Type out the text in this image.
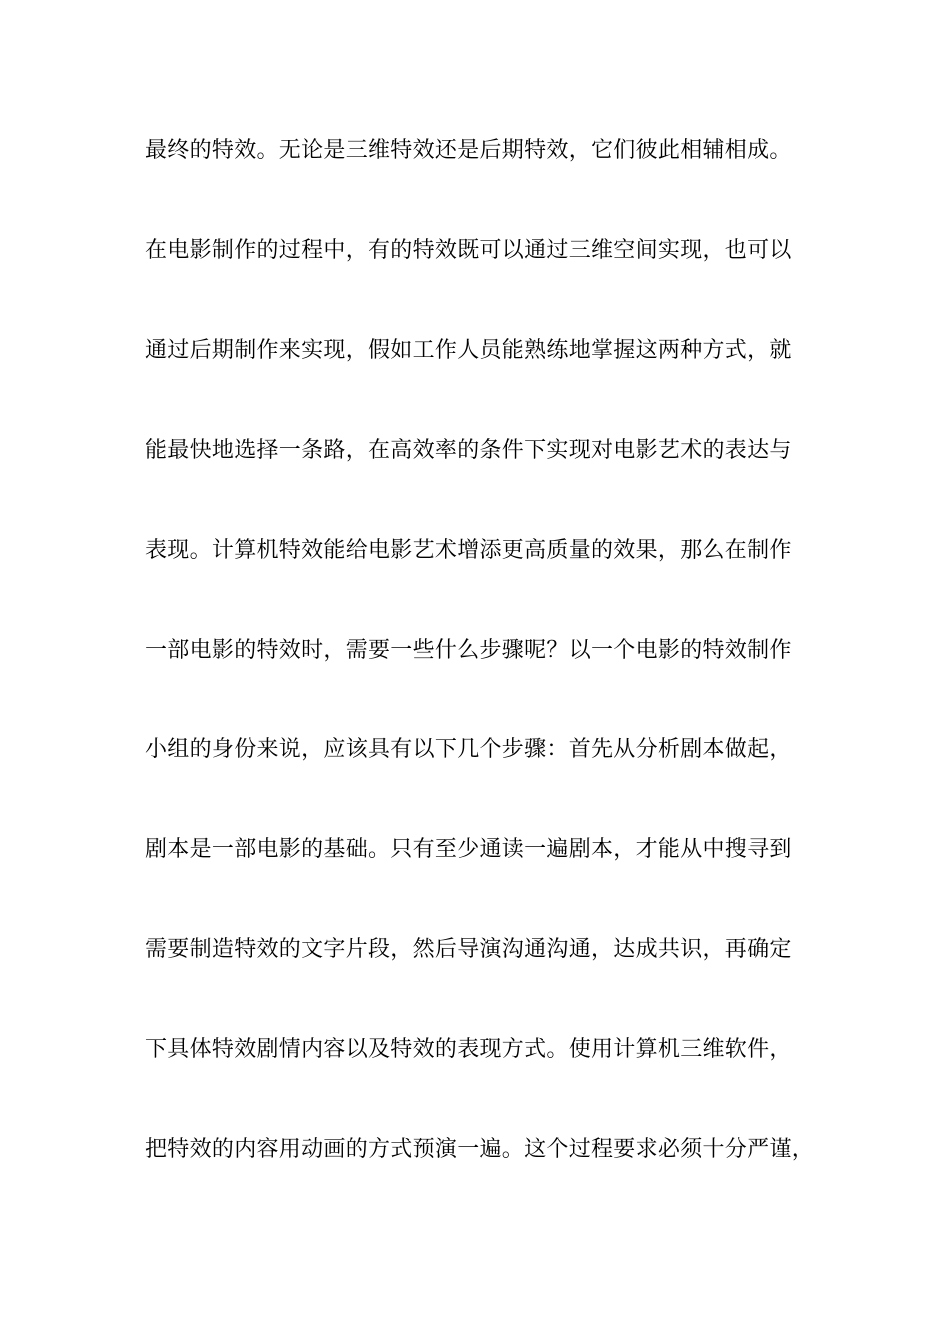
最终的特效。无论是三维特效还是后期特效，它们彼此相辅相成。
在电影制作的过程中，有的特效既可以通过三维空间实现，也可以
通过后期制作来实现，假如工作人员能熟练地掌握这两种方式，就
能最快地选择一条路，在高效率的条件下实现对电影艺术的表达与
表现。计算机特效能给电影艺术增添更高质量的效果，那么在制作
一部电影的特效时，需要一些什么步骤呢？以一个电影的特效制作
小组的身份来说，应该具有以下几个步骤：首先从分析剧本做起，
剧本是一部电影的基础。只有至少通读一遍剧本，才能从中搜寻到
需要制造特效的文字片段，然后导演沟通沟通，达成共识，再确定
下具体特效剧情内容以及特效的表现方式。使用计算机三维软件，
把特效的内容用动画的方式预演一遍。这个过程要求必须十分严谨，
